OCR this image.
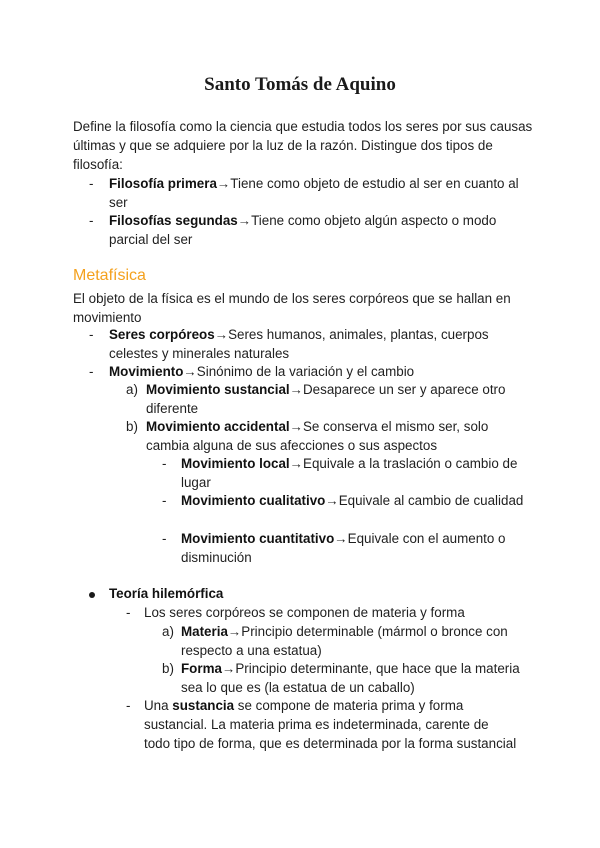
Santo Tomás de Aquino
Define la filosofía como la ciencia que estudia todos los seres por sus causas últimas y que se adquiere por la luz de la razón. Distingue dos tipos de filosofía:
- Filosofía primera→Tiene como objeto de estudio al ser en cuanto al ser
- Filosofías segundas→Tiene como objeto algún aspecto o modo parcial del ser
Metafísica
El objeto de la física es el mundo de los seres corpóreos que se hallan en movimiento
- Seres corpóreos→Seres humanos, animales, plantas, cuerpos celestes y minerales naturales
- Movimiento→Sinónimo de la variación y el cambio
a) Movimiento sustancial→Desaparece un ser y aparece otro diferente
b) Movimiento accidental→Se conserva el mismo ser, solo cambia alguna de sus afecciones o sus aspectos
- Movimiento local→Equivale a la traslación o cambio de lugar
- Movimiento cualitativo→Equivale al cambio de cualidad
- Movimiento cuantitativo→Equivale con el aumento o disminución
Teoría hilemórfica
- Los seres corpóreos se componen de materia y forma
a) Materia→Principio determinable (mármol o bronce con respecto a una estatua)
b) Forma→Principio determinante, que hace que la materia sea lo que es (la estatua de un caballo)
- Una sustancia se compone de materia prima y forma sustancial. La materia prima es indeterminada, carente de todo tipo de forma, que es determinada por la forma sustancial
